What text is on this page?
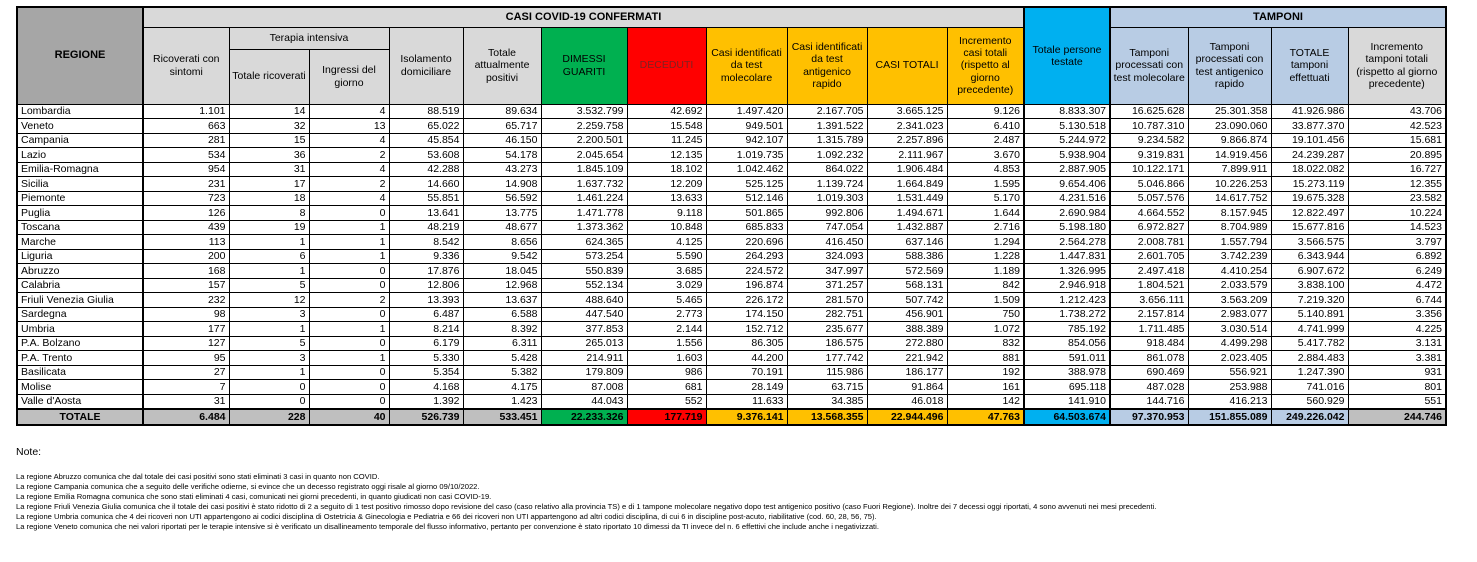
REGIONE	CASI COVID-19 CONFERMATI											Totale persone testate	TAMPONI			
	Ricoverati con sintomi	Terapia intensiva		Isolamento domiciliare	Totale attualmente positivi	DIMESSI GUARITI	DECEDUTI	Casi identificati da test molecolare	Casi identificati da test antigenico rapido	CASI TOTALI	Incremento casi totali (rispetto al giorno precedente)		Tamponi processati con test molecolare	Tamponi processati con test antigenico rapido	TOTALE tamponi effettuati	Incremento tamponi totali (rispetto al giorno precedente)
		Totale ricoverati	Ingressi del giorno													
Lombardia	1.101	14	4	88.519	89.634	3.532.799	42.692	1.497.420	2.167.705	3.665.125	9.126	8.833.307	16.625.628	25.301.358	41.926.986	43.706
Veneto	663	32	13	65.022	65.717	2.259.758	15.548	949.501	1.391.522	2.341.023	6.410	5.130.518	10.787.310	23.090.060	33.877.370	42.523
Campania	281	15	4	45.854	46.150	2.200.501	11.245	942.107	1.315.789	2.257.896	2.487	5.244.972	9.234.582	9.866.874	19.101.456	15.681
Lazio	534	36	2	53.608	54.178	2.045.654	12.135	1.019.735	1.092.232	2.111.967	3.670	5.938.904	9.319.831	14.919.456	24.239.287	20.895
Emilia-Romagna	954	31	4	42.288	43.273	1.845.109	18.102	1.042.462	864.022	1.906.484	4.853	2.887.905	10.122.171	7.899.911	18.022.082	16.727
Sicilia	231	17	2	14.660	14.908	1.637.732	12.209	525.125	1.139.724	1.664.849	1.595	9.654.406	5.046.866	10.226.253	15.273.119	12.355
Piemonte	723	18	4	55.851	56.592	1.461.224	13.633	512.146	1.019.303	1.531.449	5.170	4.231.516	5.057.576	14.617.752	19.675.328	23.582
Puglia	126	8	0	13.641	13.775	1.471.778	9.118	501.865	992.806	1.494.671	1.644	2.690.984	4.664.552	8.157.945	12.822.497	10.224
Toscana	439	19	1	48.219	48.677	1.373.362	10.848	685.833	747.054	1.432.887	2.716	5.198.180	6.972.827	8.704.989	15.677.816	14.523
Marche	113	1	1	8.542	8.656	624.365	4.125	220.696	416.450	637.146	1.294	2.564.278	2.008.781	1.557.794	3.566.575	3.797
Liguria	200	6	1	9.336	9.542	573.254	5.590	264.293	324.093	588.386	1.228	1.447.831	2.601.705	3.742.239	6.343.944	6.892
Abruzzo	168	1	0	17.876	18.045	550.839	3.685	224.572	347.997	572.569	1.189	1.326.995	2.497.418	4.410.254	6.907.672	6.249
Calabria	157	5	0	12.806	12.968	552.134	3.029	196.874	371.257	568.131	842	2.946.918	1.804.521	2.033.579	3.838.100	4.472
Friuli Venezia Giulia	232	12	2	13.393	13.637	488.640	5.465	226.172	281.570	507.742	1.509	1.212.423	3.656.111	3.563.209	7.219.320	6.744
Sardegna	98	3	0	6.487	6.588	447.540	2.773	174.150	282.751	456.901	750	1.738.272	2.157.814	2.983.077	5.140.891	3.356
Umbria	177	1	1	8.214	8.392	377.853	2.144	152.712	235.677	388.389	1.072	785.192	1.711.485	3.030.514	4.741.999	4.225
P.A. Bolzano	127	5	0	6.179	6.311	265.013	1.556	86.305	186.575	272.880	832	854.056	918.484	4.499.298	5.417.782	3.131
P.A. Trento	95	3	1	5.330	5.428	214.911	1.603	44.200	177.742	221.942	881	591.011	861.078	2.023.405	2.884.483	3.381
Basilicata	27	1	0	5.354	5.382	179.809	986	70.191	115.986	186.177	192	388.978	690.469	556.921	1.247.390	931
Molise	7	0	0	4.168	4.175	87.008	681	28.149	63.715	91.864	161	695.118	487.028	253.988	741.016	801
Valle d'Aosta	31	0	0	1.392	1.423	44.043	552	11.633	34.385	46.018	142	141.910	144.716	416.213	560.929	551
TOTALE	6.484	228	40	526.739	533.451	22.233.326	177.719	9.376.141	13.568.355	22.944.496	47.763	64.503.674	97.370.953	151.855.089	249.226.042	244.746
Note:
La regione Abruzzo comunica che dal totale dei casi positivi sono stati eliminati 3 casi in quanto non COVID.
La regione Campania comunica che a seguito delle verifiche odierne, si evince che un decesso registrato oggi risale al giorno 09/10/2022.
La regione Emilia Romagna comunica che sono stati eliminati 4 casi, comunicati nei giorni precedenti, in quanto giudicati non casi COVID-19.
La regione Friuli Venezia Giulia comunica che il totale dei casi positivi è stato ridotto di 2 a seguito di 1 test positivo rimosso dopo revisione del caso (caso relativo alla provincia TS) e di 1 tampone molecolare negativo dopo test antigenico positivo (caso Fuori Regione). Inoltre dei 7 decessi oggi riportati, 4 sono avvenuti nei mesi precedenti.
La regione Umbria comunica che 4 dei ricoveri non UTI appartengono ai codici disciplina di Ostetricia & Ginecologia e Pediatria e 66 dei ricoveri non UTI appartengono ad altri codici disciplina, di cui 6 in discipline post-acuto, riabilitative (cod. 60, 28, 56, 75).
La regione Veneto comunica che nei valori riportati per le terapie intensive si è verificato un disallineamento temporale del flusso informativo, pertanto per convenzione è stato riportato 10 dimessi da TI invece del n. 6 effettivi che include anche i negativizzati.
